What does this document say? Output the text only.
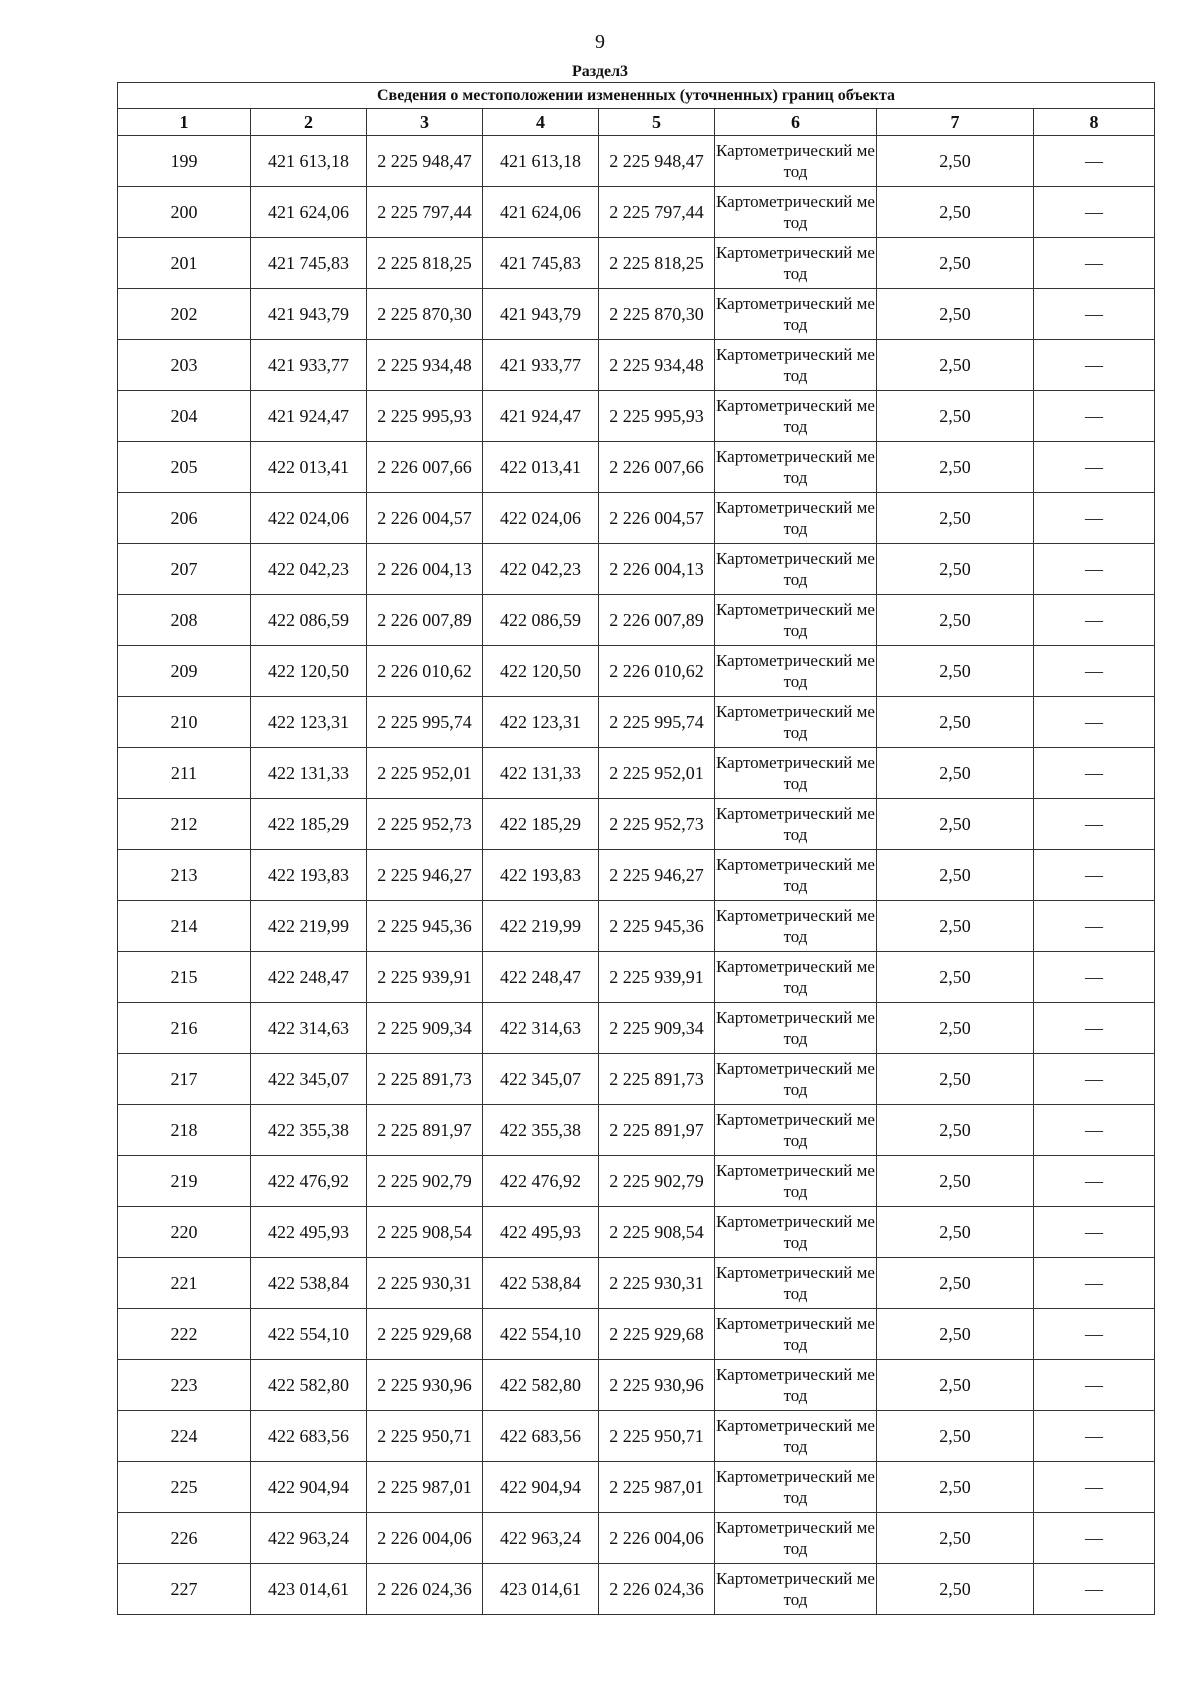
9
Раздел3
Сведения о местоположении измененных (уточненных) границ объекта							
1	2	3	4	5	6	7	8
199	421 613,18	2 225 948,47	421 613,18	2 225 948,47	Картометрический метод	2,50	—
200	421 624,06	2 225 797,44	421 624,06	2 225 797,44	Картометрический метод	2,50	—
201	421 745,83	2 225 818,25	421 745,83	2 225 818,25	Картометрический метод	2,50	—
202	421 943,79	2 225 870,30	421 943,79	2 225 870,30	Картометрический метод	2,50	—
203	421 933,77	2 225 934,48	421 933,77	2 225 934,48	Картометрический метод	2,50	—
204	421 924,47	2 225 995,93	421 924,47	2 225 995,93	Картометрический метод	2,50	—
205	422 013,41	2 226 007,66	422 013,41	2 226 007,66	Картометрический метод	2,50	—
206	422 024,06	2 226 004,57	422 024,06	2 226 004,57	Картометрический метод	2,50	—
207	422 042,23	2 226 004,13	422 042,23	2 226 004,13	Картометрический метод	2,50	—
208	422 086,59	2 226 007,89	422 086,59	2 226 007,89	Картометрический метод	2,50	—
209	422 120,50	2 226 010,62	422 120,50	2 226 010,62	Картометрический метод	2,50	—
210	422 123,31	2 225 995,74	422 123,31	2 225 995,74	Картометрический метод	2,50	—
211	422 131,33	2 225 952,01	422 131,33	2 225 952,01	Картометрический метод	2,50	—
212	422 185,29	2 225 952,73	422 185,29	2 225 952,73	Картометрический метод	2,50	—
213	422 193,83	2 225 946,27	422 193,83	2 225 946,27	Картометрический метод	2,50	—
214	422 219,99	2 225 945,36	422 219,99	2 225 945,36	Картометрический метод	2,50	—
215	422 248,47	2 225 939,91	422 248,47	2 225 939,91	Картометрический метод	2,50	—
216	422 314,63	2 225 909,34	422 314,63	2 225 909,34	Картометрический метод	2,50	—
217	422 345,07	2 225 891,73	422 345,07	2 225 891,73	Картометрический метод	2,50	—
218	422 355,38	2 225 891,97	422 355,38	2 225 891,97	Картометрический метод	2,50	—
219	422 476,92	2 225 902,79	422 476,92	2 225 902,79	Картометрический метод	2,50	—
220	422 495,93	2 225 908,54	422 495,93	2 225 908,54	Картометрический метод	2,50	—
221	422 538,84	2 225 930,31	422 538,84	2 225 930,31	Картометрический метод	2,50	—
222	422 554,10	2 225 929,68	422 554,10	2 225 929,68	Картометрический метод	2,50	—
223	422 582,80	2 225 930,96	422 582,80	2 225 930,96	Картометрический метод	2,50	—
224	422 683,56	2 225 950,71	422 683,56	2 225 950,71	Картометрический метод	2,50	—
225	422 904,94	2 225 987,01	422 904,94	2 225 987,01	Картометрический метод	2,50	—
226	422 963,24	2 226 004,06	422 963,24	2 226 004,06	Картометрический метод	2,50	—
227	423 014,61	2 226 024,36	423 014,61	2 226 024,36	Картометрический метод	2,50	—
